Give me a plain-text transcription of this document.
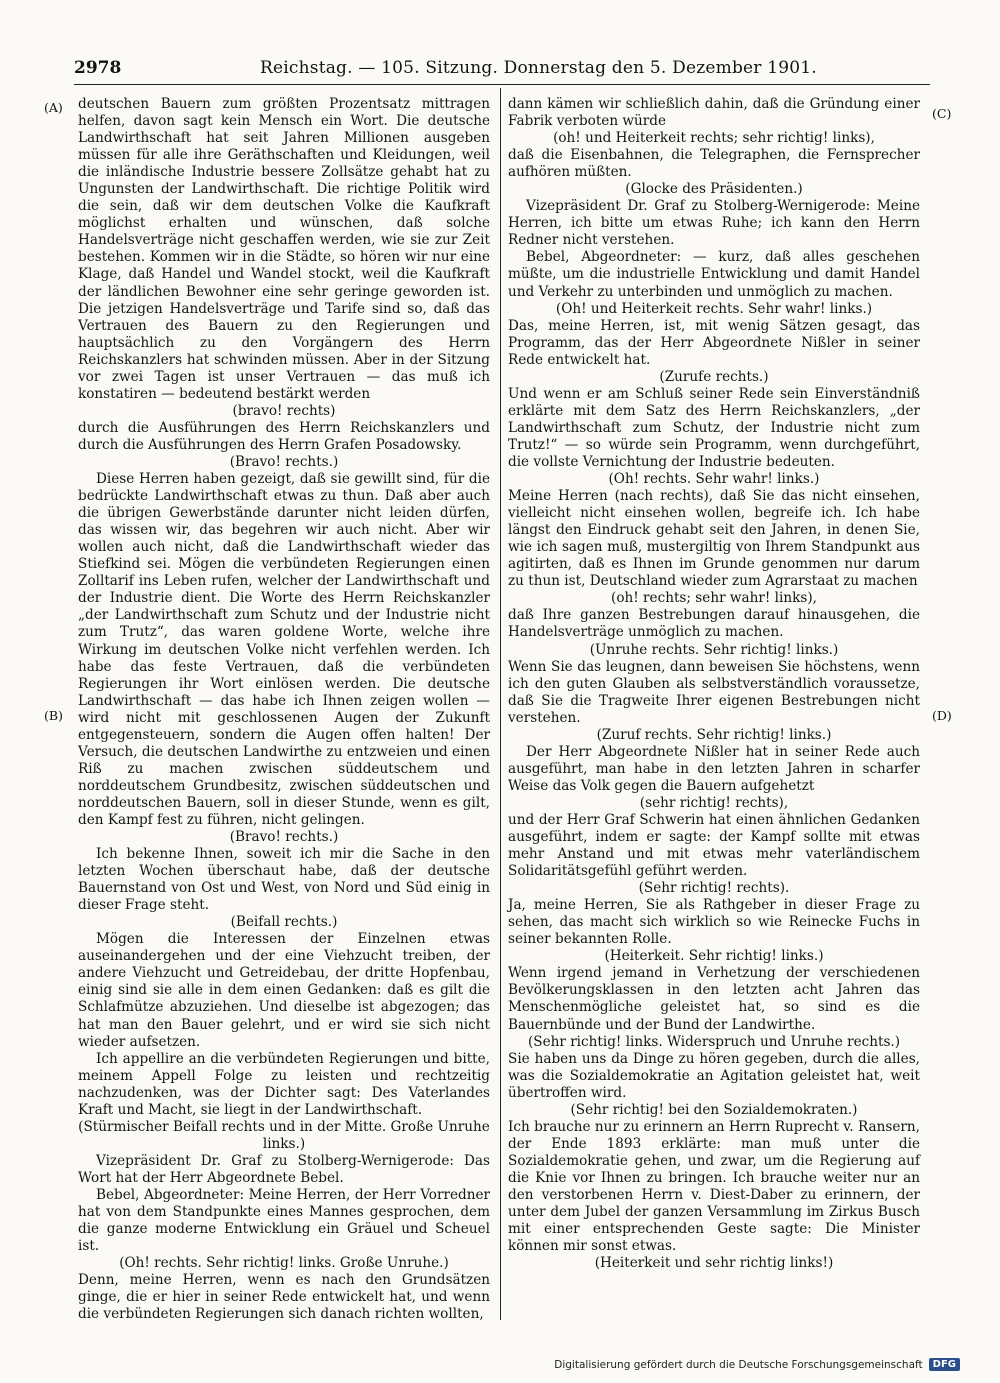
2978	Reichstag. — 105. Sitzung. Donnerstag den 5. Dezember 1901.
(A)
(B)
(C)
(D)

deutschen Bauern zum größten Prozentsatz mittragen helfen, davon sagt kein Mensch ein Wort. Die deutsche Landwirthschaft hat seit Jahren Millionen ausgeben müssen für alle ihre Geräthschaften und Kleidungen, weil die inländische Industrie bessere Zollsätze gehabt hat zu Ungunsten der Landwirthschaft. Die richtige Politik wird die sein, daß wir dem deutschen Volke die Kaufkraft möglichst erhalten und wünschen, daß solche Handelsverträge nicht geschaffen werden, wie sie zur Zeit bestehen. Kommen wir in die Städte, so hören wir nur eine Klage, daß Handel und Wandel stockt, weil die Kaufkraft der ländlichen Bewohner eine sehr geringe geworden ist. Die jetzigen Handelsverträge und Tarife sind so, daß das Vertrauen des Bauern zu den Regierungen und hauptsächlich zu den Vorgängern des Herrn Reichskanzlers hat schwinden müssen. Aber in der Sitzung vor zwei Tagen ist unser Vertrauen — das muß ich konstatiren — bedeutend bestärkt werden

(bravo! rechts)

durch die Ausführungen des Herrn Reichskanzlers und durch die Ausführungen des Herrn Grafen Posadowsky.

(Bravo! rechts.)

Diese Herren haben gezeigt, daß sie gewillt sind, für die bedrückte Landwirthschaft etwas zu thun. Daß aber auch die übrigen Gewerbstände darunter nicht leiden dürfen, das wissen wir, das begehren wir auch nicht. Aber wir wollen auch nicht, daß die Landwirthschaft wieder das Stiefkind sei. Mögen die verbündeten Regierungen einen Zolltarif ins Leben rufen, welcher der Landwirthschaft und der Industrie dient. Die Worte des Herrn Reichskanzler „der Landwirthschaft zum Schutz und der Industrie nicht zum Trutz“, das waren goldene Worte, welche ihre Wirkung im deutschen Volke nicht verfehlen werden. Ich habe das feste Vertrauen, daß die verbündeten Regierungen ihr Wort einlösen werden. Die deutsche Landwirthschaft — das habe ich Ihnen zeigen wollen — wird nicht mit geschlossenen Augen der Zukunft entgegensteuern, sondern die Augen offen halten! Der Versuch, die deutschen Landwirthe zu entzweien und einen Riß zu machen zwischen süddeutschem und norddeutschem Grundbesitz, zwischen süddeutschen und norddeutschen Bauern, soll in dieser Stunde, wenn es gilt, den Kampf fest zu führen, nicht gelingen.

(Bravo! rechts.)

Ich bekenne Ihnen, soweit ich mir die Sache in den letzten Wochen überschaut habe, daß der deutsche Bauernstand von Ost und West, von Nord und Süd einig in dieser Frage steht.

(Beifall rechts.)

Mögen die Interessen der Einzelnen etwas auseinandergehen und der eine Viehzucht treiben, der andere Viehzucht und Getreidebau, der dritte Hopfenbau, einig sind sie alle in dem einen Gedanken: daß es gilt die Schlafmütze abzuziehen. Und dieselbe ist abgezogen; das hat man den Bauer gelehrt, und er wird sie sich nicht wieder aufsetzen.

Ich appellire an die verbündeten Regierungen und bitte, meinem Appell Folge zu leisten und rechtzeitig nachzudenken, was der Dichter sagt: Des Vaterlandes Kraft und Macht, sie liegt in der Landwirthschaft.

(Stürmischer Beifall rechts und in der Mitte. Große Unruhe links.)

Vizepräsident Dr. Graf zu Stolberg-Wernigerode: Das Wort hat der Herr Abgeordnete Bebel.

Bebel, Abgeordneter: Meine Herren, der Herr Vorredner hat von dem Standpunkte eines Mannes gesprochen, dem die ganze moderne Entwicklung ein Gräuel und Scheuel ist.

(Oh! rechts. Sehr richtig! links. Große Unruhe.)

Denn, meine Herren, wenn es nach den Grundsätzen ginge, die er hier in seiner Rede entwickelt hat, und wenn die verbündeten Regierungen sich danach richten wollten,

dann kämen wir schließlich dahin, daß die Gründung einer Fabrik verboten würde

(oh! und Heiterkeit rechts; sehr richtig! links),

daß die Eisenbahnen, die Telegraphen, die Fernsprecher aufhören müßten.

(Glocke des Präsidenten.)

Vizepräsident Dr. Graf zu Stolberg-Wernigerode: Meine Herren, ich bitte um etwas Ruhe; ich kann den Herrn Redner nicht verstehen.

Bebel, Abgeordneter: — kurz, daß alles geschehen müßte, um die industrielle Entwicklung und damit Handel und Verkehr zu unterbinden und unmöglich zu machen.

(Oh! und Heiterkeit rechts. Sehr wahr! links.)

Das, meine Herren, ist, mit wenig Sätzen gesagt, das Programm, das der Herr Abgeordnete Nißler in seiner Rede entwickelt hat.

(Zurufe rechts.)

Und wenn er am Schluß seiner Rede sein Einverständniß erklärte mit dem Satz des Herrn Reichskanzlers, „der Landwirthschaft zum Schutz, der Industrie nicht zum Trutz!“ — so würde sein Programm, wenn durchgeführt, die vollste Vernichtung der Industrie bedeuten.

(Oh! rechts. Sehr wahr! links.)

Meine Herren (nach rechts), daß Sie das nicht einsehen, vielleicht nicht einsehen wollen, begreife ich. Ich habe längst den Eindruck gehabt seit den Jahren, in denen Sie, wie ich sagen muß, mustergiltig von Ihrem Standpunkt aus agitirten, daß es Ihnen im Grunde genommen nur darum zu thun ist, Deutschland wieder zum Agrarstaat zu machen

(oh! rechts; sehr wahr! links),

daß Ihre ganzen Bestrebungen darauf hinausgehen, die Handelsverträge unmöglich zu machen.

(Unruhe rechts. Sehr richtig! links.)

Wenn Sie das leugnen, dann beweisen Sie höchstens, wenn ich den guten Glauben als selbstverständlich voraussetze, daß Sie die Tragweite Ihrer eigenen Bestrebungen nicht verstehen.

(Zuruf rechts. Sehr richtig! links.)

Der Herr Abgeordnete Nißler hat in seiner Rede auch ausgeführt, man habe in den letzten Jahren in scharfer Weise das Volk gegen die Bauern aufgehetzt

(sehr richtig! rechts),

und der Herr Graf Schwerin hat einen ähnlichen Gedanken ausgeführt, indem er sagte: der Kampf sollte mit etwas mehr Anstand und mit etwas mehr vaterländischem Solidaritätsgefühl geführt werden.

(Sehr richtig! rechts).

Ja, meine Herren, Sie als Rathgeber in dieser Frage zu sehen, das macht sich wirklich so wie Reinecke Fuchs in seiner bekannten Rolle.

(Heiterkeit. Sehr richtig! links.)

Wenn irgend jemand in Verhetzung der verschiedenen Bevölkerungsklassen in den letzten acht Jahren das Menschenmögliche geleistet hat, so sind es die Bauernbünde und der Bund der Landwirthe.

(Sehr richtig! links. Widerspruch und Unruhe rechts.)

Sie haben uns da Dinge zu hören gegeben, durch die alles, was die Sozialdemokratie an Agitation geleistet hat, weit übertroffen wird.

(Sehr richtig! bei den Sozialdemokraten.)

Ich brauche nur zu erinnern an Herrn Ruprecht v. Ransern, der Ende 1893 erklärte: man muß unter die Sozialdemokratie gehen, und zwar, um die Regierung auf die Knie vor Ihnen zu bringen. Ich brauche weiter nur an den verstorbenen Herrn v. Diest-Daber zu erinnern, der unter dem Jubel der ganzen Versammlung im Zirkus Busch mit einer entsprechenden Geste sagte: Die Minister können mir sonst etwas.

(Heiterkeit und sehr richtig links!)

Digitalisierung gefördert durch die Deutsche Forschungsgemeinschaft	DFG
